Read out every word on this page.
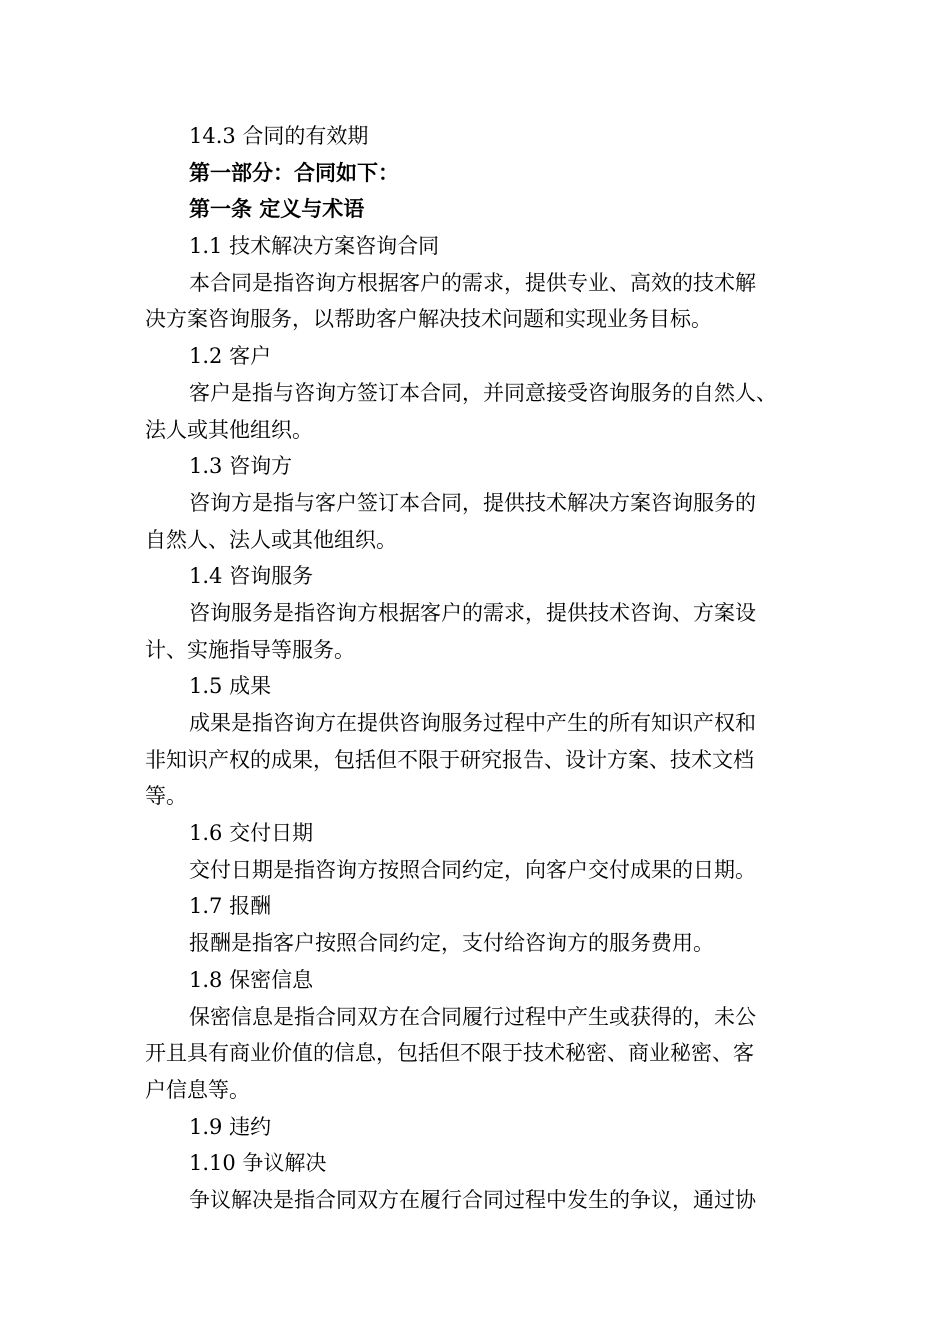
14.3 合同的有效期
第一部分：合同如下：
第一条 定义与术语
1.1 技术解决方案咨询合同
本合同是指咨询方根据客户的需求，提供专业、高效的技术解
决方案咨询服务，以帮助客户解决技术问题和实现业务目标。
1.2 客户
客户是指与咨询方签订本合同，并同意接受咨询服务的自然人、
法人或其他组织。
1.3 咨询方
咨询方是指与客户签订本合同，提供技术解决方案咨询服务的
自然人、法人或其他组织。
1.4 咨询服务
咨询服务是指咨询方根据客户的需求，提供技术咨询、方案设
计、实施指导等服务。
1.5 成果
成果是指咨询方在提供咨询服务过程中产生的所有知识产权和
非知识产权的成果，包括但不限于研究报告、设计方案、技术文档
等。
1.6 交付日期
交付日期是指咨询方按照合同约定，向客户交付成果的日期。
1.7 报酬
报酬是指客户按照合同约定，支付给咨询方的服务费用。
1.8 保密信息
保密信息是指合同双方在合同履行过程中产生或获得的，未公
开且具有商业价值的信息，包括但不限于技术秘密、商业秘密、客
户信息等。
1.9 违约
1.10 争议解决
争议解决是指合同双方在履行合同过程中发生的争议，通过协
